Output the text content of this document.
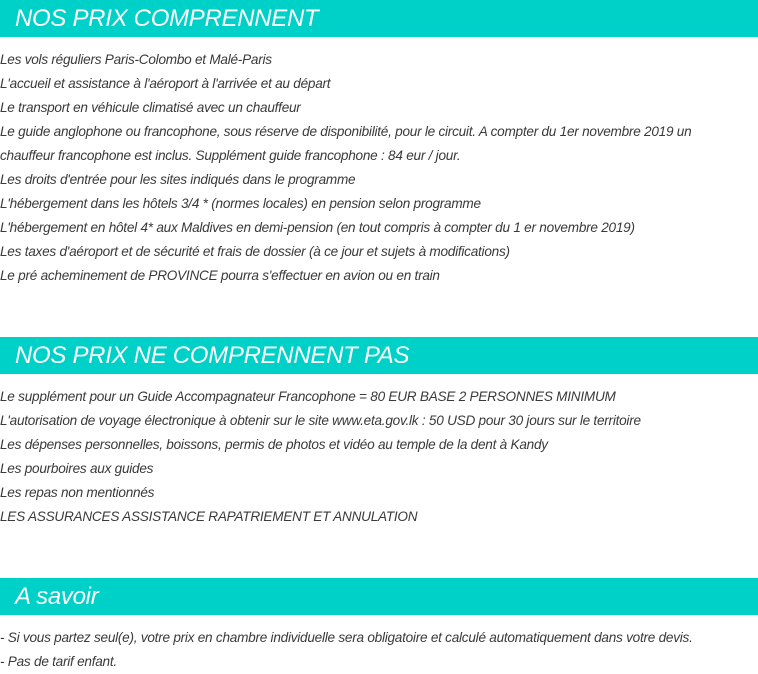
NOS PRIX COMPRENNENT
Les vols réguliers Paris-Colombo et Malé-Paris
L'accueil et assistance à l'aéroport à l'arrivée et au départ
Le transport en véhicule climatisé avec un chauffeur
Le guide anglophone ou francophone, sous réserve de disponibilité, pour le circuit. A compter du 1er novembre 2019 un
chauffeur francophone est inclus. Supplément guide francophone : 84 eur / jour.
Les droits d'entrée pour les sites indiqués dans le programme
L'hébergement dans les hôtels 3/4 * (normes locales) en pension selon programme
L'hébergement en hôtel 4* aux Maldives en demi-pension (en tout compris à compter du 1 er novembre 2019)
Les taxes d'aéroport et de sécurité et frais de dossier (à ce jour et sujets à modifications)
Le pré acheminement de PROVINCE pourra s'effectuer en avion ou en train
NOS PRIX NE COMPRENNENT PAS
Le supplément pour un Guide Accompagnateur Francophone = 80 EUR BASE 2 PERSONNES MINIMUM
L'autorisation de voyage électronique à obtenir sur le site www.eta.gov.lk : 50 USD pour 30 jours sur le territoire
Les dépenses personnelles, boissons, permis de photos et vidéo au temple de la dent à Kandy
Les pourboires aux guides
Les repas non mentionnés
LES ASSURANCES ASSISTANCE RAPATRIEMENT ET ANNULATION
A savoir
- Si vous partez seul(e), votre prix en chambre individuelle sera obligatoire et calculé automatiquement dans votre devis.
- Pas de tarif enfant.
